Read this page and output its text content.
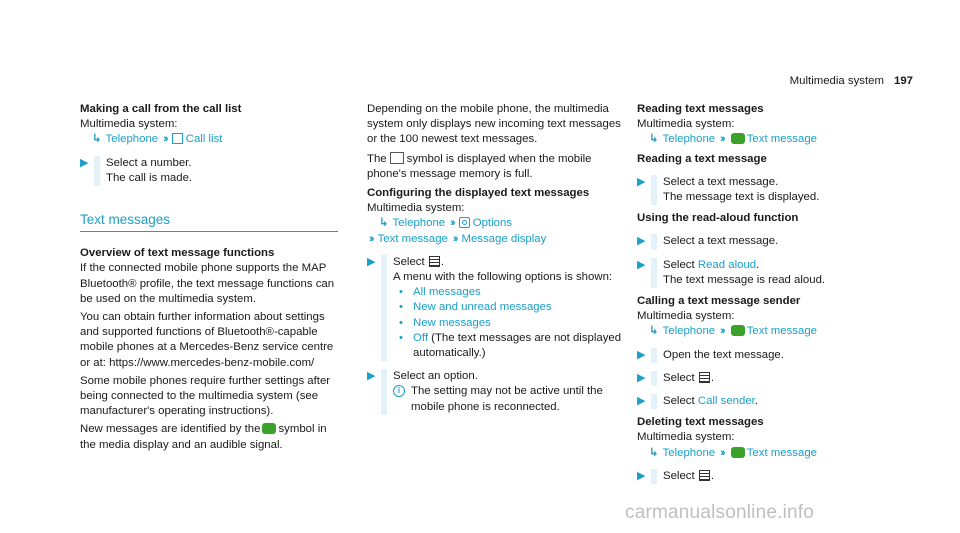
Multimedia system 197

Making a call from the call list

Multimedia system:

↳ Telephone ›› Call list

▶ Select a number.

The call is made.

Text messages

Overview of text message functions

If the connected mobile phone supports the MAP Bluetooth® profile, the text message functions can be used on the multimedia system.

You can obtain further information about settings and supported functions of Bluetooth®-capable mobile phones at a Mercedes-Benz service centre or at: https://www.mercedes-benz-mobile.com/

Some mobile phones require further settings after being connected to the multimedia system (see manufacturer's operating instructions).

New messages are identified by the symbol in the media display and an audible signal.

Depending on the mobile phone, the multimedia system only displays new incoming text messages or the 100 newest text messages.

The symbol is displayed when the mobile phone's message memory is full.

Configuring the displayed text messages

Multimedia system:

↳ Telephone ›› Options

›› Text message ›› Message display

▶ Select .

A menu with the following options is shown:

• All messages
• New and unread messages
• New messages
• Off (The text messages are not displayed automatically.)
▶ Select an option.

i The setting may not be active until the mobile phone is reconnected.

Reading text messages

Multimedia system:

↳ Telephone ›› Text message

Reading a text message

▶ Select a text message.

The message text is displayed.

Using the read-aloud function

▶ Select a text message.

▶ Select Read aloud.

The text message is read aloud.

Calling a text message sender

Multimedia system:

↳ Telephone ›› Text message

▶ Open the text message.

▶ Select .

▶ Select Call sender.

Deleting text messages

Multimedia system:

↳ Telephone ›› Text message

▶ Select .

carmanualsonline.info
